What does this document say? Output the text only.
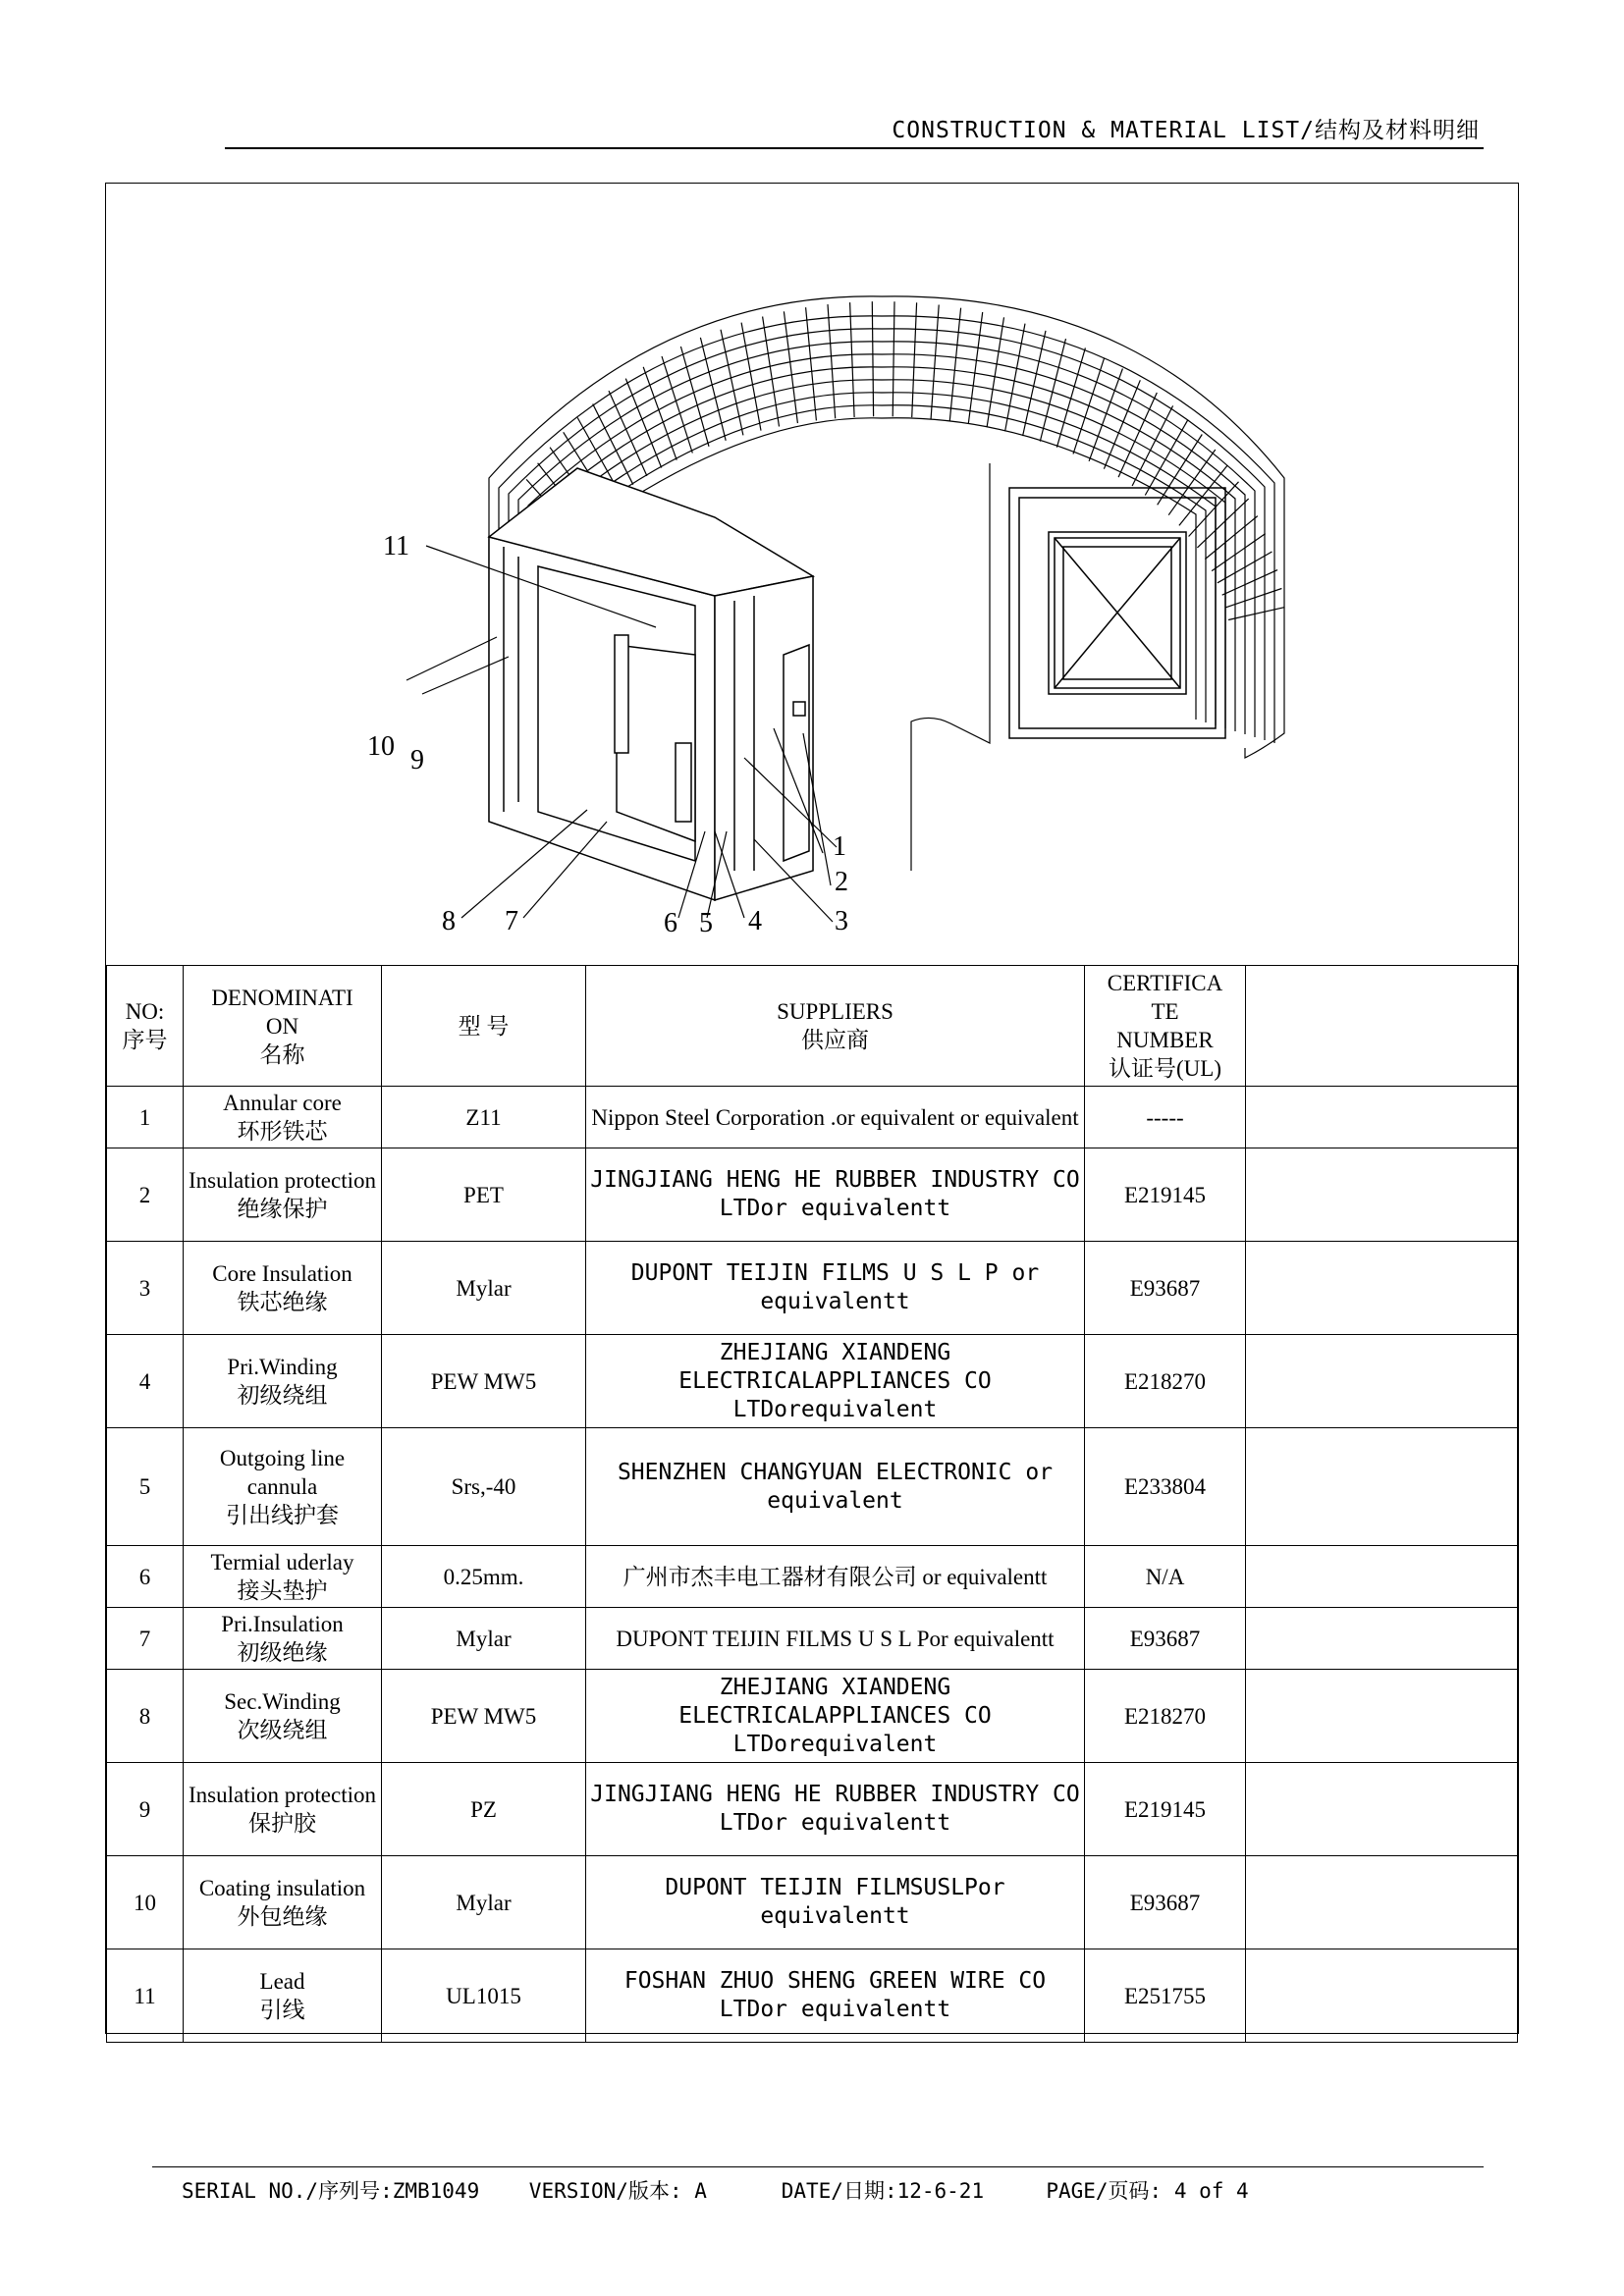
CONSTRUCTION & MATERIAL LIST/结构及材料明细
1
2
3
4
5
6
7
8
9
10
11
NO:
序号	DENOMINATI
ON
名称	型 号	SUPPLIERS
供应商	CERTIFICA
TE
NUMBER
认证号(UL)	

1	Annular core
环形铁芯	Z11	Nippon Steel Corporation .or equivalent or equivalent	-----	
2	Insulation protection
绝缘保护	PET	JINGJIANG HENG HE RUBBER INDUSTRY CO LTDor equivalentt	E219145	
3	Core Insulation
铁芯绝缘	Mylar	DUPONT TEIJIN FILMS U S L P or equivalentt	E93687	
4	Pri.Winding
初级绕组	PEW MW5	ZHEJIANG XIANDENG ELECTRICALAPPLIANCES CO LTDorequivalent	E218270	
5	Outgoing line cannula
引出线护套	Srs,-40	SHENZHEN CHANGYUAN ELECTRONIC or equivalent	E233804	
6	Termial uderlay
接头垫护	0.25mm.	广州市杰丰电工器材有限公司 or equivalentt	N/A	
7	Pri.Insulation
初级绝缘	Mylar	DUPONT TEIJIN FILMS U S L Por equivalentt	E93687	
8	Sec.Winding
次级绕组	PEW MW5	ZHEJIANG XIANDENG ELECTRICALAPPLIANCES CO LTDorequivalent	E218270	
9	Insulation protection
保护胶	PZ	JINGJIANG HENG HE RUBBER INDUSTRY CO LTDor equivalentt	E219145	
10	Coating insulation
外包绝缘	Mylar	DUPONT TEIJIN FILMSUSLPor equivalentt	E93687	
11	Lead
引线	UL1015	FOSHAN ZHUO SHENG GREEN WIRE CO LTDor equivalentt	E251755	
SERIAL NO./序列号:ZMB1049 VERSION/版本: A	DATE/日期:12-6-21	PAGE/页码: 4 of 4
